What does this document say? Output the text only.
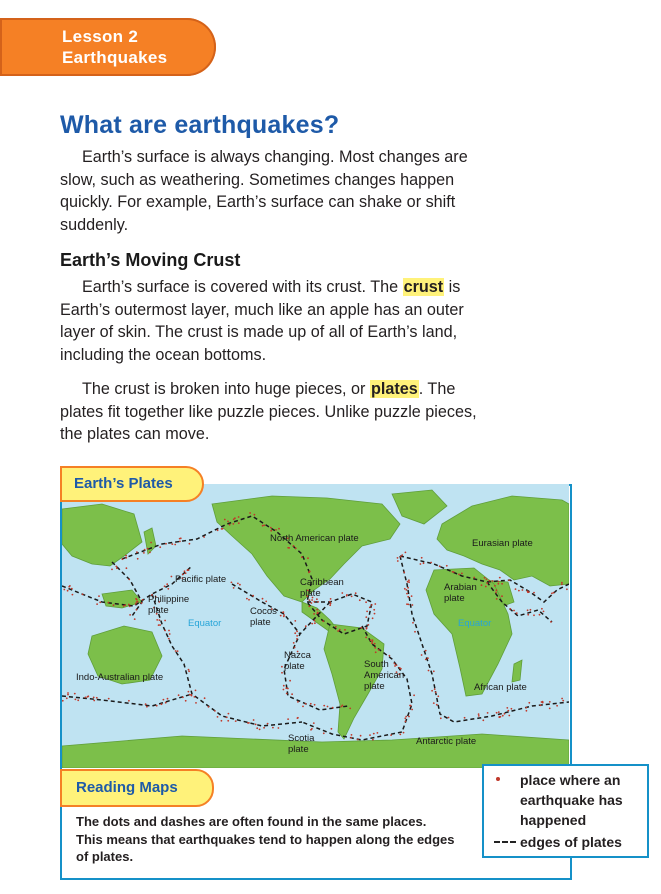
Lesson 2
Earthquakes
What are earthquakes?

Earth’s surface is always changing. Most changes are slow, such as weathering. Sometimes changes happen quickly. For example, Earth’s surface can shake or shift suddenly.

Earth’s Moving Crust

Earth’s surface is covered with its crust. The crust is Earth’s outermost layer, much like an apple has an outer layer of skin. The crust is made up of all of Earth’s land, including the ocean bottoms.

The crust is broken into huge pieces, or plates. The plates fit together like puzzle pieces. Unlike puzzle pieces, the plates can move.

North American plate	Eurasian plate
Pacific plate	Caribbean
plate
Arabian
plate
Philippine
plate	Cocos
plate
Equator	Equator
Nazca
plate	South
American
plate
Indo-Australian plate
African plate
Scotia
plate
Antarctic plate
Earth’s Plates
Reading Maps
The dots and dashes are often found in the same places. This means that earthquakes tend to happen along the edges of plates.
place where an earthquake has happened
edges of plates
